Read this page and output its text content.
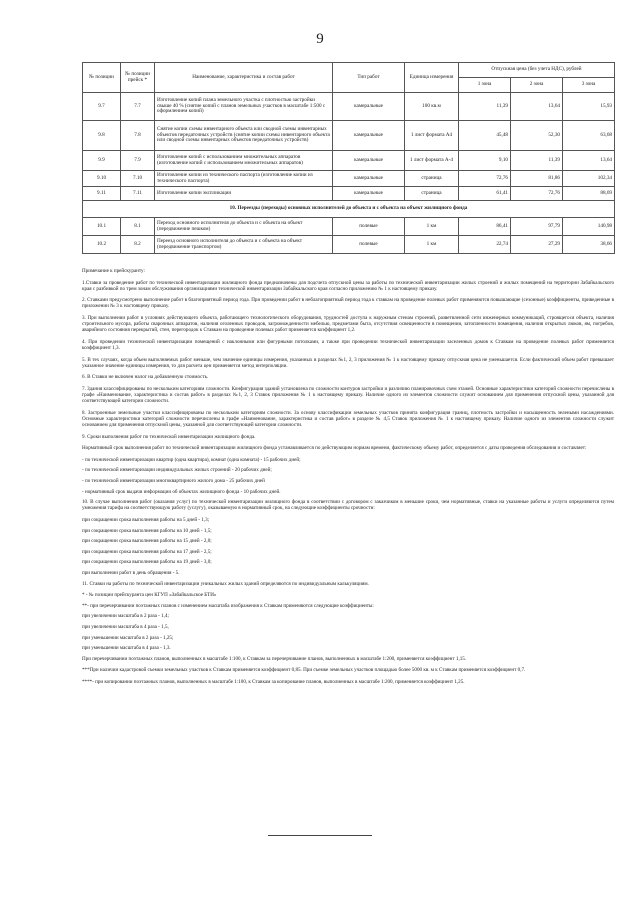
9
№ позиции	№ позиции прейск *	Наименование, характеристика и состав работ	Тип работ	Единица измерения	Отпускная цена (без учета НДС), рублей		
					1 зона	2 зона	3 зона
9.7	7.7	Изготовление копий плана земельного участка с плотностью застройки свыше 40 % (снятие копий с планов земельных участков в масштабе 1:500 с оформлением копий)	камеральные	100 кв.м	11,39	13,64	15,93
9.8	7.8	Снятие копии схемы инвентарного объекта или сводной схемы инвентарных объектов передаточных устройств (снятие копии схемы инвентарного объекта или сводной схемы инвентарных объектов передаточных устройств)	камеральные	1 лист формата А4	45,48	52,30	63,68
9.9	7.9	Изготовление копий с использованием множительных аппаратов (изготовление копий с использованием множительных аппаратов)	камеральные	1 лист формата А-4	9,10	11,39	13,64
9.10	7.10	Изготовление копии из технического паспорта (изготовление копии из технического паспорта)	камеральные	страница	72,76	81,86	102,34
9.11	7.11	Изготовление копии экспликации	камеральные	страница	61,41	72,76	88,69
10. Переезды (переходы) основных исполнителей до объекта и с объекта на объект жилищного фонда							
10.1	8.1	Переход основного исполнителя до объекта и с объекта на объект (передвижение пешком)	полевые	1 км	86,41	97,79	140,98
10.2	8.2	Переезд основного исполнителя до объекта и с объекта на объект (передвижение транспортом)	полевые	1 км	22,74	27,29	38,66

Примечание к прейскуранту:

1.Ставки за проведение работ по технической инвентаризации жилищного фонда предназначены для подсчета отпускной цены за работы по технической инвентаризации жилых строений и жилых помещений на территории Забайкальского края с разбивкой по трем зонам обслуживания организациями технической инвентаризации Забайкальского края согласно приложению № 1 к настоящему приказу.

2. Ставками предусмотрено выполнение работ в благоприятный период года. При проведении работ в неблагоприятный период года к ставкам на проведение полевых работ применяются повышающие (сезонные) коэффициенты, приведенные в приложении № 3 к настоящему приказу.

3. При выполнении работ в условиях действующего объекта, работающего технологического оборудования, трудностей доступа к наружным стенам строений, разветвленной сети инженерных коммуникаций, строящегося объекта, наличия строительного мусора, работы сварочных аппаратов, наличия оголенных проводов, загроможденности мебелью, предметами быта, отсутствия освещенности в помещении, затопленности помещения, наличия открытых люков, ям, погребов, аварийного состояния перекрытий, стен, перегородок к Ставкам на проведение полевых работ применяется коэффициент 1,2.

4. При проведении технической инвентаризации помещений с наклонными или фигурными потолками, а также при проведении технической инвентаризации заселенных домов к Ставкам на проведение полевых работ применяется коэффициент 1,3.

5. В тех случаях, когда объем выполняемых работ меньше, чем значение единицы измерения, указанных в разделах №1, 2, 3 приложения № 1 к настоящему приказу отпускная цена не уменьшается. Если фактический объем работ превышает указанное значение единицы измерения, то для расчета цен применяется метод интерполяции.

6. В Ставки не включен налог на добавленную стоимость.

7. Здания классифицированы по нескольким категориям сложности. Конфигурация зданий установлена по сложности контуров застройки и различию планировочных схем этажей. Основные характеристики категорий сложности перечислены в графе «Наименование, характеристика и состав работ» в разделах №1, 2, 3 Ставок приложения № 1 к настоящему приказу. Наличие одного из элементов сложности служит основанием для применения отпускной цены, указанной для соответствующей категории сложности.

8. Застроенные земельные участки классифицированы по нескольким категориям сложности. За основу классификации земельных участков принята конфигурация границ, плотность застройки и насыщенность зелеными насаждениями. Основные характеристики категорий сложности перечислены в графе «Наименование, характеристика и состав работ» в разделе № 4,5 Ставок приложения № 1 к настоящему приказу. Наличие одного из элементов сложности служит основанием для применения отпускной цены, указанной для соответствующей категории сложности.

9. Сроки выполнения работ по технической инвентаризации жилищного фонда.

Нормативный срок выполнения работ по технической инвентаризации жилищного фонда устанавливается по действующим нормам времени, фактическому объему работ, определяется с даты проведения обследования и составляет:

- по технической инвентаризации квартир (одна квартира), комнат (одна комната) - 15 рабочих дней;

- по технической инвентаризации индивидуальных жилых строений - 20 рабочих дней;

- по технической инвентаризации многоквартирного жилого дома - 25 рабочих дней

- нормативный срок выдачи информации об объектах жилищного фонда - 10 рабочих дней.

10. В случае выполнения работ (оказания услуг) по технической инвентаризации жилищного фонда в соответствии с договором с заказчиком в меньшие сроки, чем нормативные, ставки на указанные работы и услуги определяются путем умножения тарифа на соответствующую работу (услугу), оказываемую в нормативный срок, на следующие коэффициенты срочности:

при сокращении срока выполнения работы на 5 дней - 1,3;

при сокращении срока выполнения работы на 10 дней - 1,5;

при сокращении срока выполнения работы на 15 дней - 2,0;

при сокращении срока выполнения работы на 17 дней - 2,5;

при сокращении срока выполнения работы на 19 дней - 3,0;

при выполнении работ в день обращения - 5.

11. Ставки на работы по технической инвентаризации уникальных жилых зданий определяются по индивидуальным калькуляциям.

* - № позиции прейскуранта цен КГУП «Забайкальское БТИ»

**- при перечерчивании поэтажных планов с изменением масштаба изображения к Ставкам применяются следующие коэффициенты:

при увеличении масштаба в 2 раза - 1,4;

при увеличении масштаба в 4 раза - 1,5,

при уменьшении масштаба в 2 раза - 1,25;

при уменьшении масштаба в 4 раза - 1,3.

При перечерчивании поэтажных планов, выполненных в масштабе 1:100, к Ставкам за перечерчивание планов, выполненных в масштабе 1:200, применяется коэффициент 1,15.

***При наличии кадастровой съемки земельных участков к Ставкам применяется коэффициент 0,85. При съемке земельных участков площадью более 5000 кв. м к Ставкам применяется коэффициент 0,7.

****- при копировании поэтажных планов, выполненных в масштабе 1:100, к Ставкам за копирование планов, выполненных в масштабе 1:200, применяется коэффициент 1,25.
